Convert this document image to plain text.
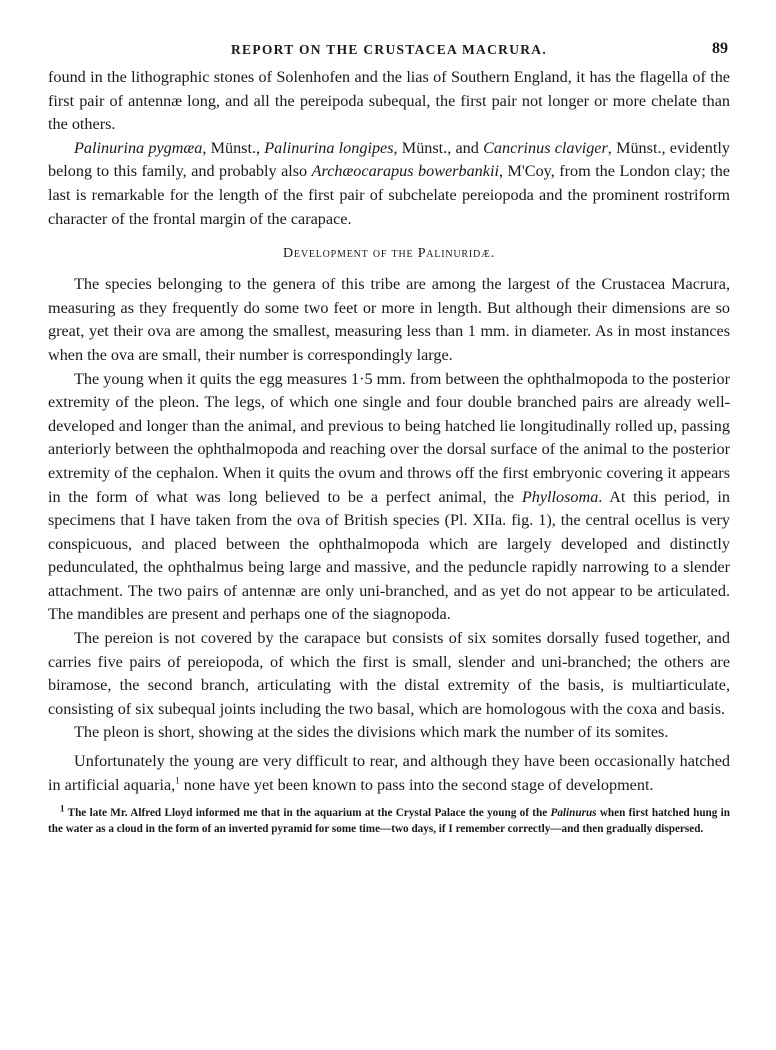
REPORT ON THE CRUSTACEA MACRURA.	89

found in the lithographic stones of Solenhofen and the lias of Southern England, it has the flagella of the first pair of antennæ long, and all the pereipoda subequal, the first pair not longer or more chelate than the others.

Palinurina pygmæa, Münst., Palinurina longipes, Münst., and Cancrinus claviger, Münst., evidently belong to this family, and probably also Archæocarapus bowerbankii, M'Coy, from the London clay; the last is remarkable for the length of the first pair of subchelate pereiopoda and the prominent rostriform character of the frontal margin of the carapace.

Development of the Palinuridæ.

The species belonging to the genera of this tribe are among the largest of the Crustacea Macrura, measuring as they frequently do some two feet or more in length. But although their dimensions are so great, yet their ova are among the smallest, measuring less than 1 mm. in diameter. As in most instances when the ova are small, their number is correspondingly large.

The young when it quits the egg measures 1·5 mm. from between the ophthalmopoda to the posterior extremity of the pleon. The legs, of which one single and four double branched pairs are already well-developed and longer than the animal, and previous to being hatched lie longitudinally rolled up, passing anteriorly between the ophthalmopoda and reaching over the dorsal surface of the animal to the posterior extremity of the cephalon. When it quits the ovum and throws off the first embryonic covering it appears in the form of what was long believed to be a perfect animal, the Phyllosoma. At this period, in specimens that I have taken from the ova of British species (Pl. XIIa. fig. 1), the central ocellus is very conspicuous, and placed between the ophthalmopoda which are largely developed and distinctly pedunculated, the ophthalmus being large and massive, and the peduncle rapidly narrowing to a slender attachment. The two pairs of antennæ are only uni-branched, and as yet do not appear to be articulated. The mandibles are present and perhaps one of the siagnopoda.

The pereion is not covered by the carapace but consists of six somites dorsally fused together, and carries five pairs of pereiopoda, of which the first is small, slender and uni-branched; the others are biramose, the second branch, articulating with the distal extremity of the basis, is multiarticulate, consisting of six subequal joints including the two basal, which are homologous with the coxa and basis.

The pleon is short, showing at the sides the divisions which mark the number of its somites.

Unfortunately the young are very difficult to rear, and although they have been occasionally hatched in artificial aquaria,$^1$ none have yet been known to pass into the second stage of development.

$^1$ The late Mr. Alfred Lloyd informed me that in the aquarium at the Crystal Palace the young of the Palinurus when first hatched hung in the water as a cloud in the form of an inverted pyramid for some time—two days, if I remember correctly—and then gradually dispersed.
